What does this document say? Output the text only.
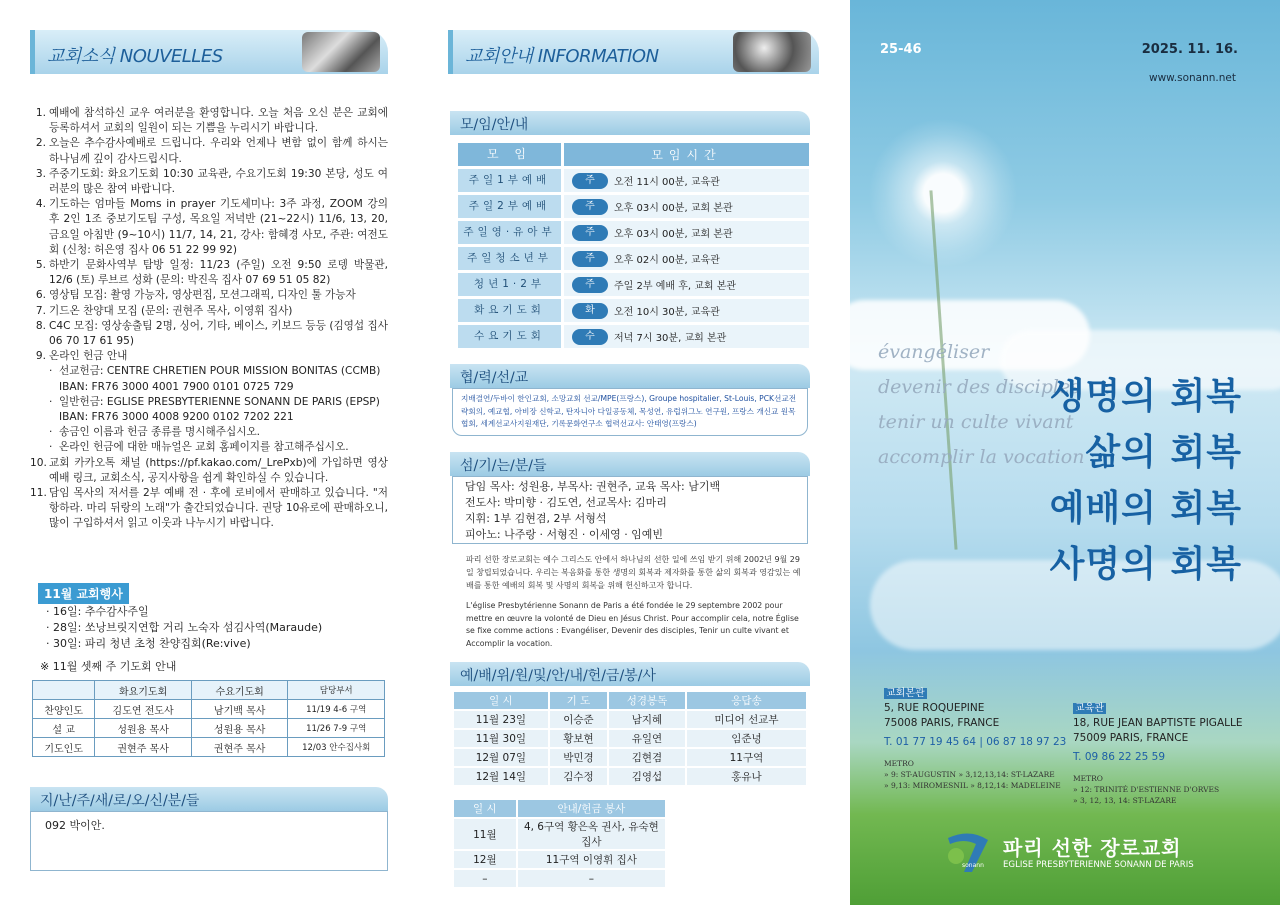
교회소식 NOUVELLES
1. 예배에 참석하신 교우 여러분을 환영합니다. 오늘 처음 오신 분은 교회에 등록하셔서 교회의 일원이 되는 기쁨을 누리시기 바랍니다.
2. 오늘은 추수감사예배로 드립니다. 우리와 언제나 변함 없이 함께 하시는 하나님께 깊이 감사드립시다.
3. 주중기도회: 화요기도회 10:30 교육관, 수요기도회 19:30 본당, 성도 여러분의 많은 참여 바랍니다.
4. 기도하는 엄마들 Moms in prayer 기도세미나: 3주 과정, ZOOM 강의 후 2인 1조 중보기도팀 구성, 목요일 저녁반 (21~22시) 11/6, 13, 20, 금요일 아침반 (9~10시) 11/7, 14, 21, 강사: 함혜경 사모, 주관: 여전도회 (신청: 허은영 집사 06 51 22 99 92)
5. 하반기 문화사역부 탐방 일정: 11/23 (주일) 오전 9:50 로뎅 박물관, 12/6 (토) 루브르 성화 (문의: 박진옥 집사 07 69 51 05 82)
6. 영상팀 모집: 촬영 가능자, 영상편집, 모션그래픽, 디자인 툴 가능자
7. 기드온 찬양대 모집 (문의: 권현주 목사, 이영휘 집사)
8. C4C 모집: 영상송출팀 2명, 싱어, 기타, 베이스, 키보드 등등 (김영섭 집사 06 70 17 61 95)
9. 온라인 헌금 안내
· 선교헌금: CENTRE CHRETIEN POUR MISSION BONITAS (CCMB) IBAN: FR76 3000 4001 7900 0101 0725 729
· 일반헌금: EGLISE PRESBYTERIENNE SONANN DE PARIS (EPSP) IBAN: FR76 3000 4008 9200 0102 7202 221
· 송금인 이름과 헌금 종류를 명시해주십시오.
· 온라인 헌금에 대한 매뉴얼은 교회 홈페이지를 참고해주십시오.
10. 교회 카카오톡 채널 (https://pf.kakao.com/_LrePxb)에 가입하면 영상예배 링크, 교회소식, 공지사항을 쉽게 확인하실 수 있습니다.
11. 담임 목사의 저서를 2부 예배 전 · 후에 로비에서 판매하고 있습니다. "저항하라. 마리 뒤랑의 노래"가 출간되었습니다. 권당 10유로에 판매하오니, 많이 구입하셔서 읽고 이웃과 나누시기 바랍니다.
11월 교회행사
· 16일: 추수감사주일
· 28일: 쏘낭브릿지연합 거리 노숙자 섬김사역(Maraude)
· 30일: 파리 청년 초청 찬양집회(Re:vive)
※ 11월 셋째 주 기도회 안내
	화요기도회	수요기도회	담당부서
찬양인도	김도연 전도사	남기백 목사	11/19 4-6 구역
설 교	성원용 목사	성원용 목사	11/26 7-9 구역
기도인도	권현주 목사	권현주 목사	12/03 안수집사회
지/난/주/새/로/오/신/분/들
092 박이안.
교회안내 INFORMATION
모/임/안/내
모 임	모임시간
주일1부예배	주	오전 11시 00분, 교육관
주일2부예배	주	오후 03시 00분, 교회 본관
주일영·유아부	주	오후 03시 00분, 교회 본관
주일청소년부	주	오후 02시 00분, 교육관
청년1·2부	주	주일 2부 예배 후, 교회 본관
화요기도회	화	오전 10시 30분, 교육관
수요기도회	수	저녁 7시 30분, 교회 본관
협/력/선/교
지배결연/두바이 한인교회, 소망교회 선교/MPE(프랑스), Groupe hospitalier, St-Louis, PCK선교전략회의, 예교협, 아비장 신학교, 탄자니아 다일공동체, 목성연, 유럽위그노 연구원, 프랑스 개신교 원목협회, 세계선교사지원재단, 기록문화연구소 협력선교사: 안태영(프랑스)
섬/기/는/분/들
담임 목사: 성원용, 부목사: 권현주, 교육 목사: 남기백
전도사: 박미향 · 김도연, 선교목사: 김마리
지휘: 1부 김현겸, 2부 서형석
피아노: 나주랑 · 서형진 · 이세영 · 임예빈
파리 선한 장로교회는 예수 그리스도 안에서 하나님의 선한 일에 쓰임 받기 위해 2002년 9월 29일 창립되었습니다. 우리는 복음화를 통한 생명의 회복과 제자화를 통한 삶의 회복과 영감있는 예배를 통한 예배의 회복 및 사명의 회복을 위해 헌신하고자 합니다.
L'église Presbytérienne Sonann de Paris a été fondée le 29 septembre 2002 pour mettre en œuvre la volonté de Dieu en Jésus Christ. Pour accomplir cela, notre Église se fixe comme actions : Evangéliser, Devenir des disciples, Tenir un culte vivant et Accomplir la vocation.
예/배/위/원/및/안/내/헌/금/봉/사
일 시	기 도	성경봉독	응답송
11월 23일	이승준	남지혜	미디어 선교부
11월 30일	황보현	유일연	임준녕
12월 07일	박민경	김현겸	11구역
12월 14일	김수정	김영섭	홍유나
일 시	안내/헌금 봉사
11월	4, 6구역 황은옥 권사, 유숙현 집사
12월	11구역 이영휘 집사
–	–
25-46	2025. 11. 16.
www.sonann.net
évangéliser
devenir des disciples
tenir un culte vivant
accomplir la vocation
생명의 회복
삶의 회복
예배의 회복
사명의 회복
교회본관
5, RUE ROQUEPINE
75008 PARIS, FRANCE
T. 01 77 19 45 64 | 06 87 18 97 23
METRO
» 9: ST-AUGUSTIN » 3,12,13,14: ST-LAZARE
» 9,13: MIROMESNIL » 8,12,14: MADELEINE
교육관
18, RUE JEAN BAPTISTE PIGALLE
75009 PARIS, FRANCE
T. 09 86 22 25 59
METRO
» 12: TRINITÉ D'ESTIENNE D'ORVES
» 3, 12, 13, 14: ST-LAZARE
sonann
파리 선한 장로교회
EGLISE PRESBYTERIENNE SONANN DE PARIS
